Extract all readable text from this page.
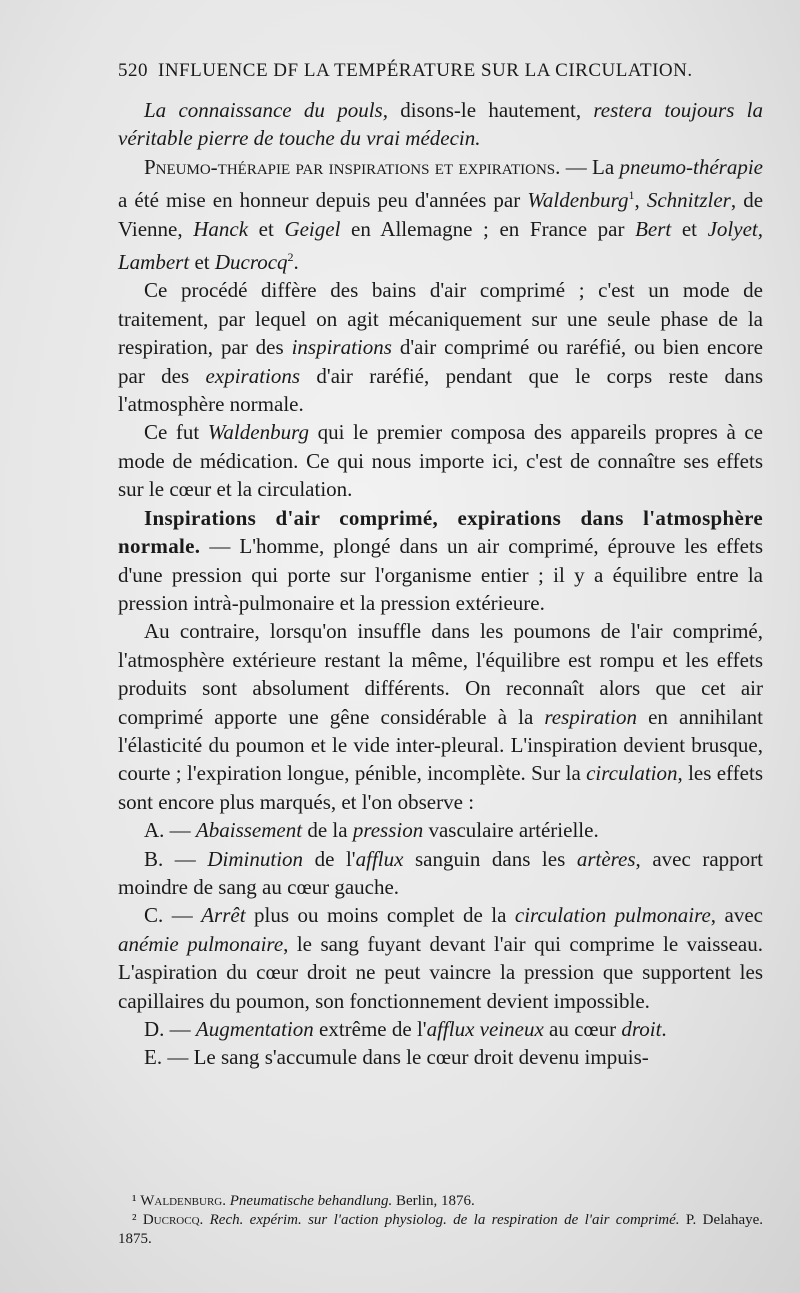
520 INFLUENCE DF LA TEMPÉRATURE SUR LA CIRCULATION.

La connaissance du pouls, disons-le hautement, restera toujours la véritable pierre de touche du vrai médecin.

Pneumo-thérapie par inspirations et expirations. — La pneumo-thérapie a été mise en honneur depuis peu d'années par Waldenburg$^1$, Schnitzler, de Vienne, Hanck et Geigel en Allemagne ; en France par Bert et Jolyet, Lambert et Ducrocq$^2$.

Ce procédé diffère des bains d'air comprimé ; c'est un mode de traitement, par lequel on agit mécaniquement sur une seule phase de la respiration, par des inspirations d'air comprimé ou raréfié, ou bien encore par des expirations d'air raréfié, pendant que le corps reste dans l'atmosphère normale.

Ce fut Waldenburg qui le premier composa des appareils propres à ce mode de médication. Ce qui nous importe ici, c'est de connaître ses effets sur le cœur et la circulation.

Inspirations d'air comprimé, expirations dans l'atmosphère normale. — L'homme, plongé dans un air comprimé, éprouve les effets d'une pression qui porte sur l'organisme entier ; il y a équilibre entre la pression intrà-pulmonaire et la pression extérieure.

Au contraire, lorsqu'on insuffle dans les poumons de l'air comprimé, l'atmosphère extérieure restant la même, l'équilibre est rompu et les effets produits sont absolument différents. On reconnaît alors que cet air comprimé apporte une gêne considérable à la respiration en annihilant l'élasticité du poumon et le vide inter-pleural. L'inspiration devient brusque, courte ; l'expiration longue, pénible, incomplète. Sur la circulation, les effets sont encore plus marqués, et l'on observe :

A. — Abaissement de la pression vasculaire artérielle.

B. — Diminution de l'afflux sanguin dans les artères, avec rapport moindre de sang au cœur gauche.

C. — Arrêt plus ou moins complet de la circulation pulmonaire, avec anémie pulmonaire, le sang fuyant devant l'air qui comprime le vaisseau. L'aspiration du cœur droit ne peut vaincre la pression que supportent les capillaires du poumon, son fonctionnement devient impossible.

D. — Augmentation extrême de l'afflux veineux au cœur droit.

E. — Le sang s'accumule dans le cœur droit devenu impuis-

¹ Waldenburg. Pneumatische behandlung. Berlin, 1876.

² Ducrocq. Rech. expérim. sur l'action physiolog. de la respiration de l'air comprimé. P. Delahaye. 1875.
